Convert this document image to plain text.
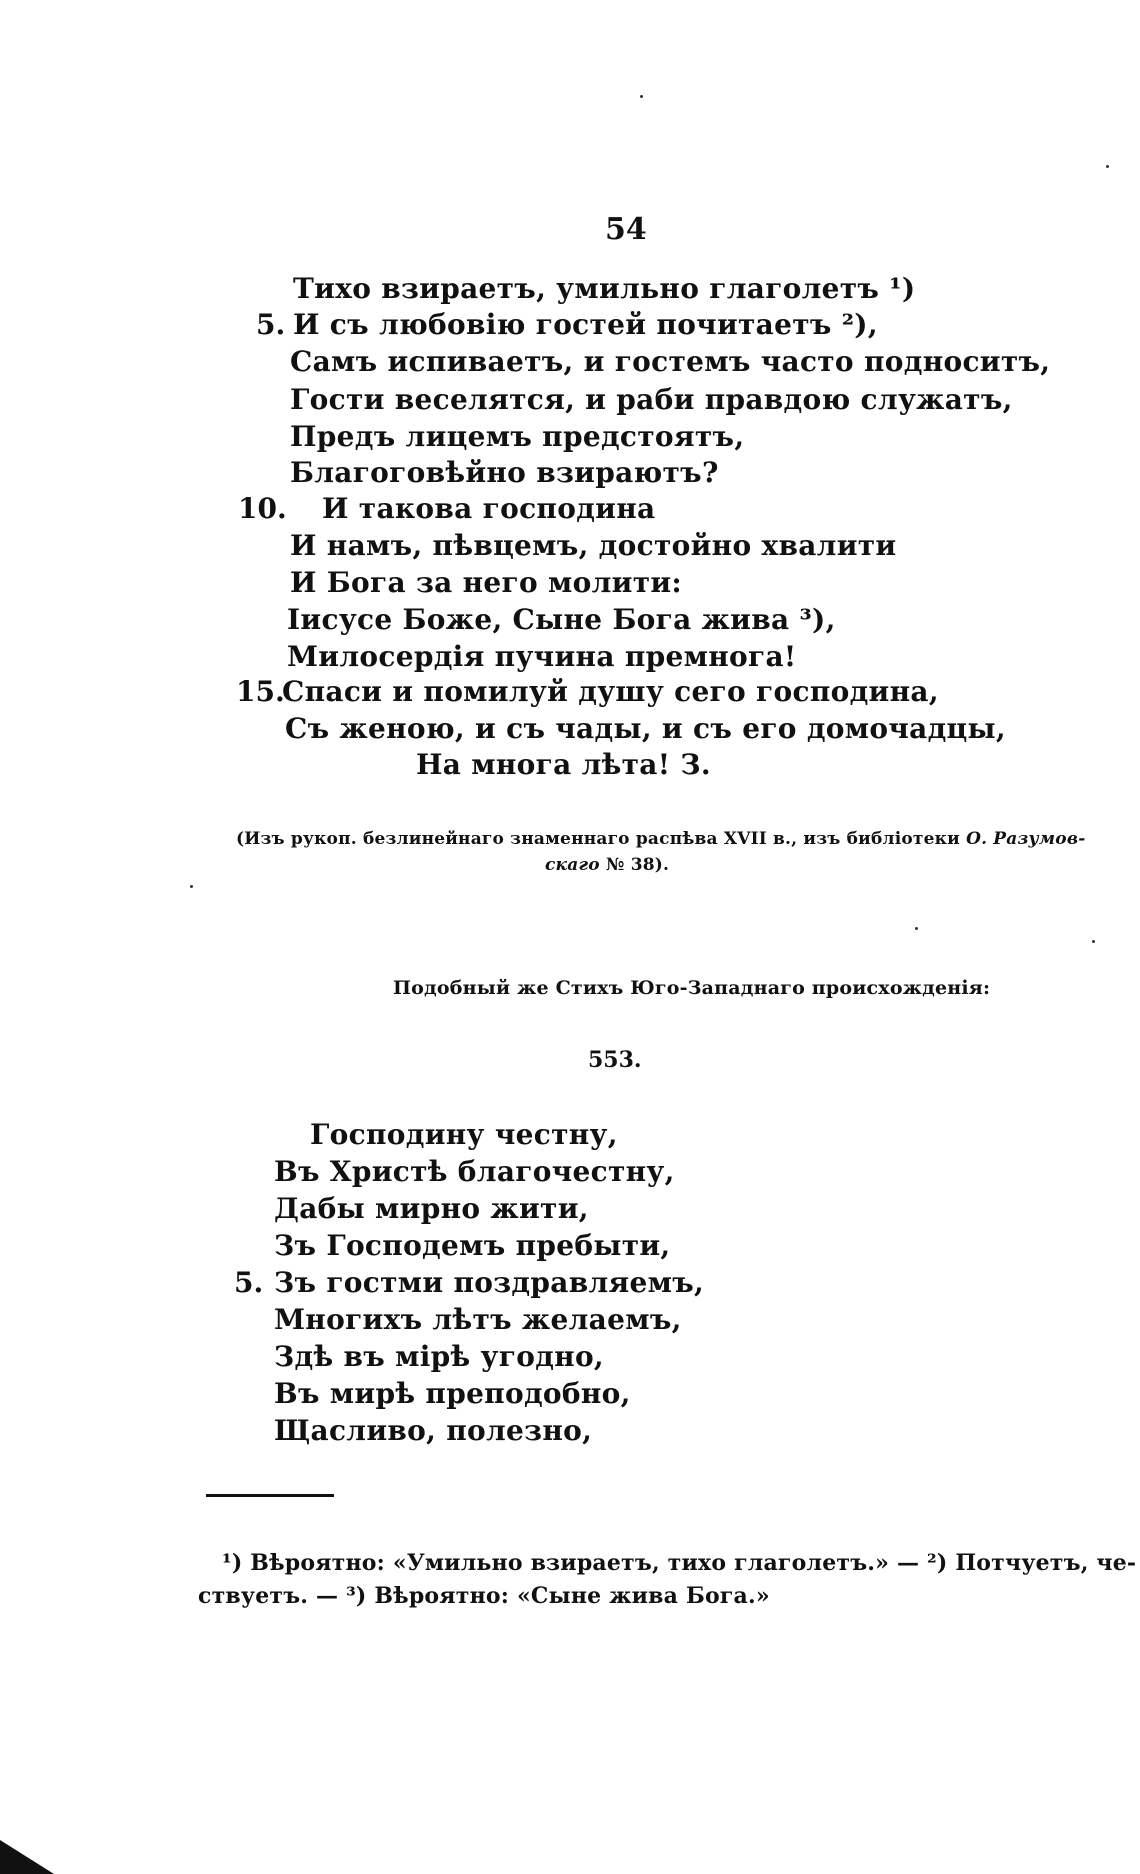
54
Тихо взираетъ, умильно глаголетъ ¹)
5. И съ любовію гостей почитаетъ ²),
Самъ испиваетъ, и гостемъ часто подноситъ,
Гости веселятся, и раби правдою служатъ,
Предъ лицемъ предстоятъ,
Благоговѣйно взираютъ?
10. И такова господина
И намъ, пѣвцемъ, достойно хвалити
И Бога за него молити:
Іисусе Боже, Сыне Бога жива ³),
Милосердія пучина премнога!
15.
Спаси и помилуй душу сего господина,
Съ женою, и съ чады, и съ его домочадцы,
На многа лѣта! З.
(Изъ рукоп. безлинейнаго знаменнаго распѣва XVII в., изъ библіотеки О. Разумов-
скаго № 38).
Подобный же Стихъ Юго-Западнаго происхожденія:
553.
Господину честну,
Въ Христѣ благочестну,
Дабы мирно жити,
Зъ Господемъ пребыти,
5. Зъ гостми поздравляемъ,
Многихъ лѣтъ желаемъ,
Здѣ въ мірѣ угодно,
Въ мирѣ преподобно,
Щасливо, полезно,
¹) Вѣроятно: «Умильно взираетъ, тихо глаголетъ.» — ²) Потчуетъ, че-
ствуетъ. — ³) Вѣроятно: «Сыне жива Бога.»
